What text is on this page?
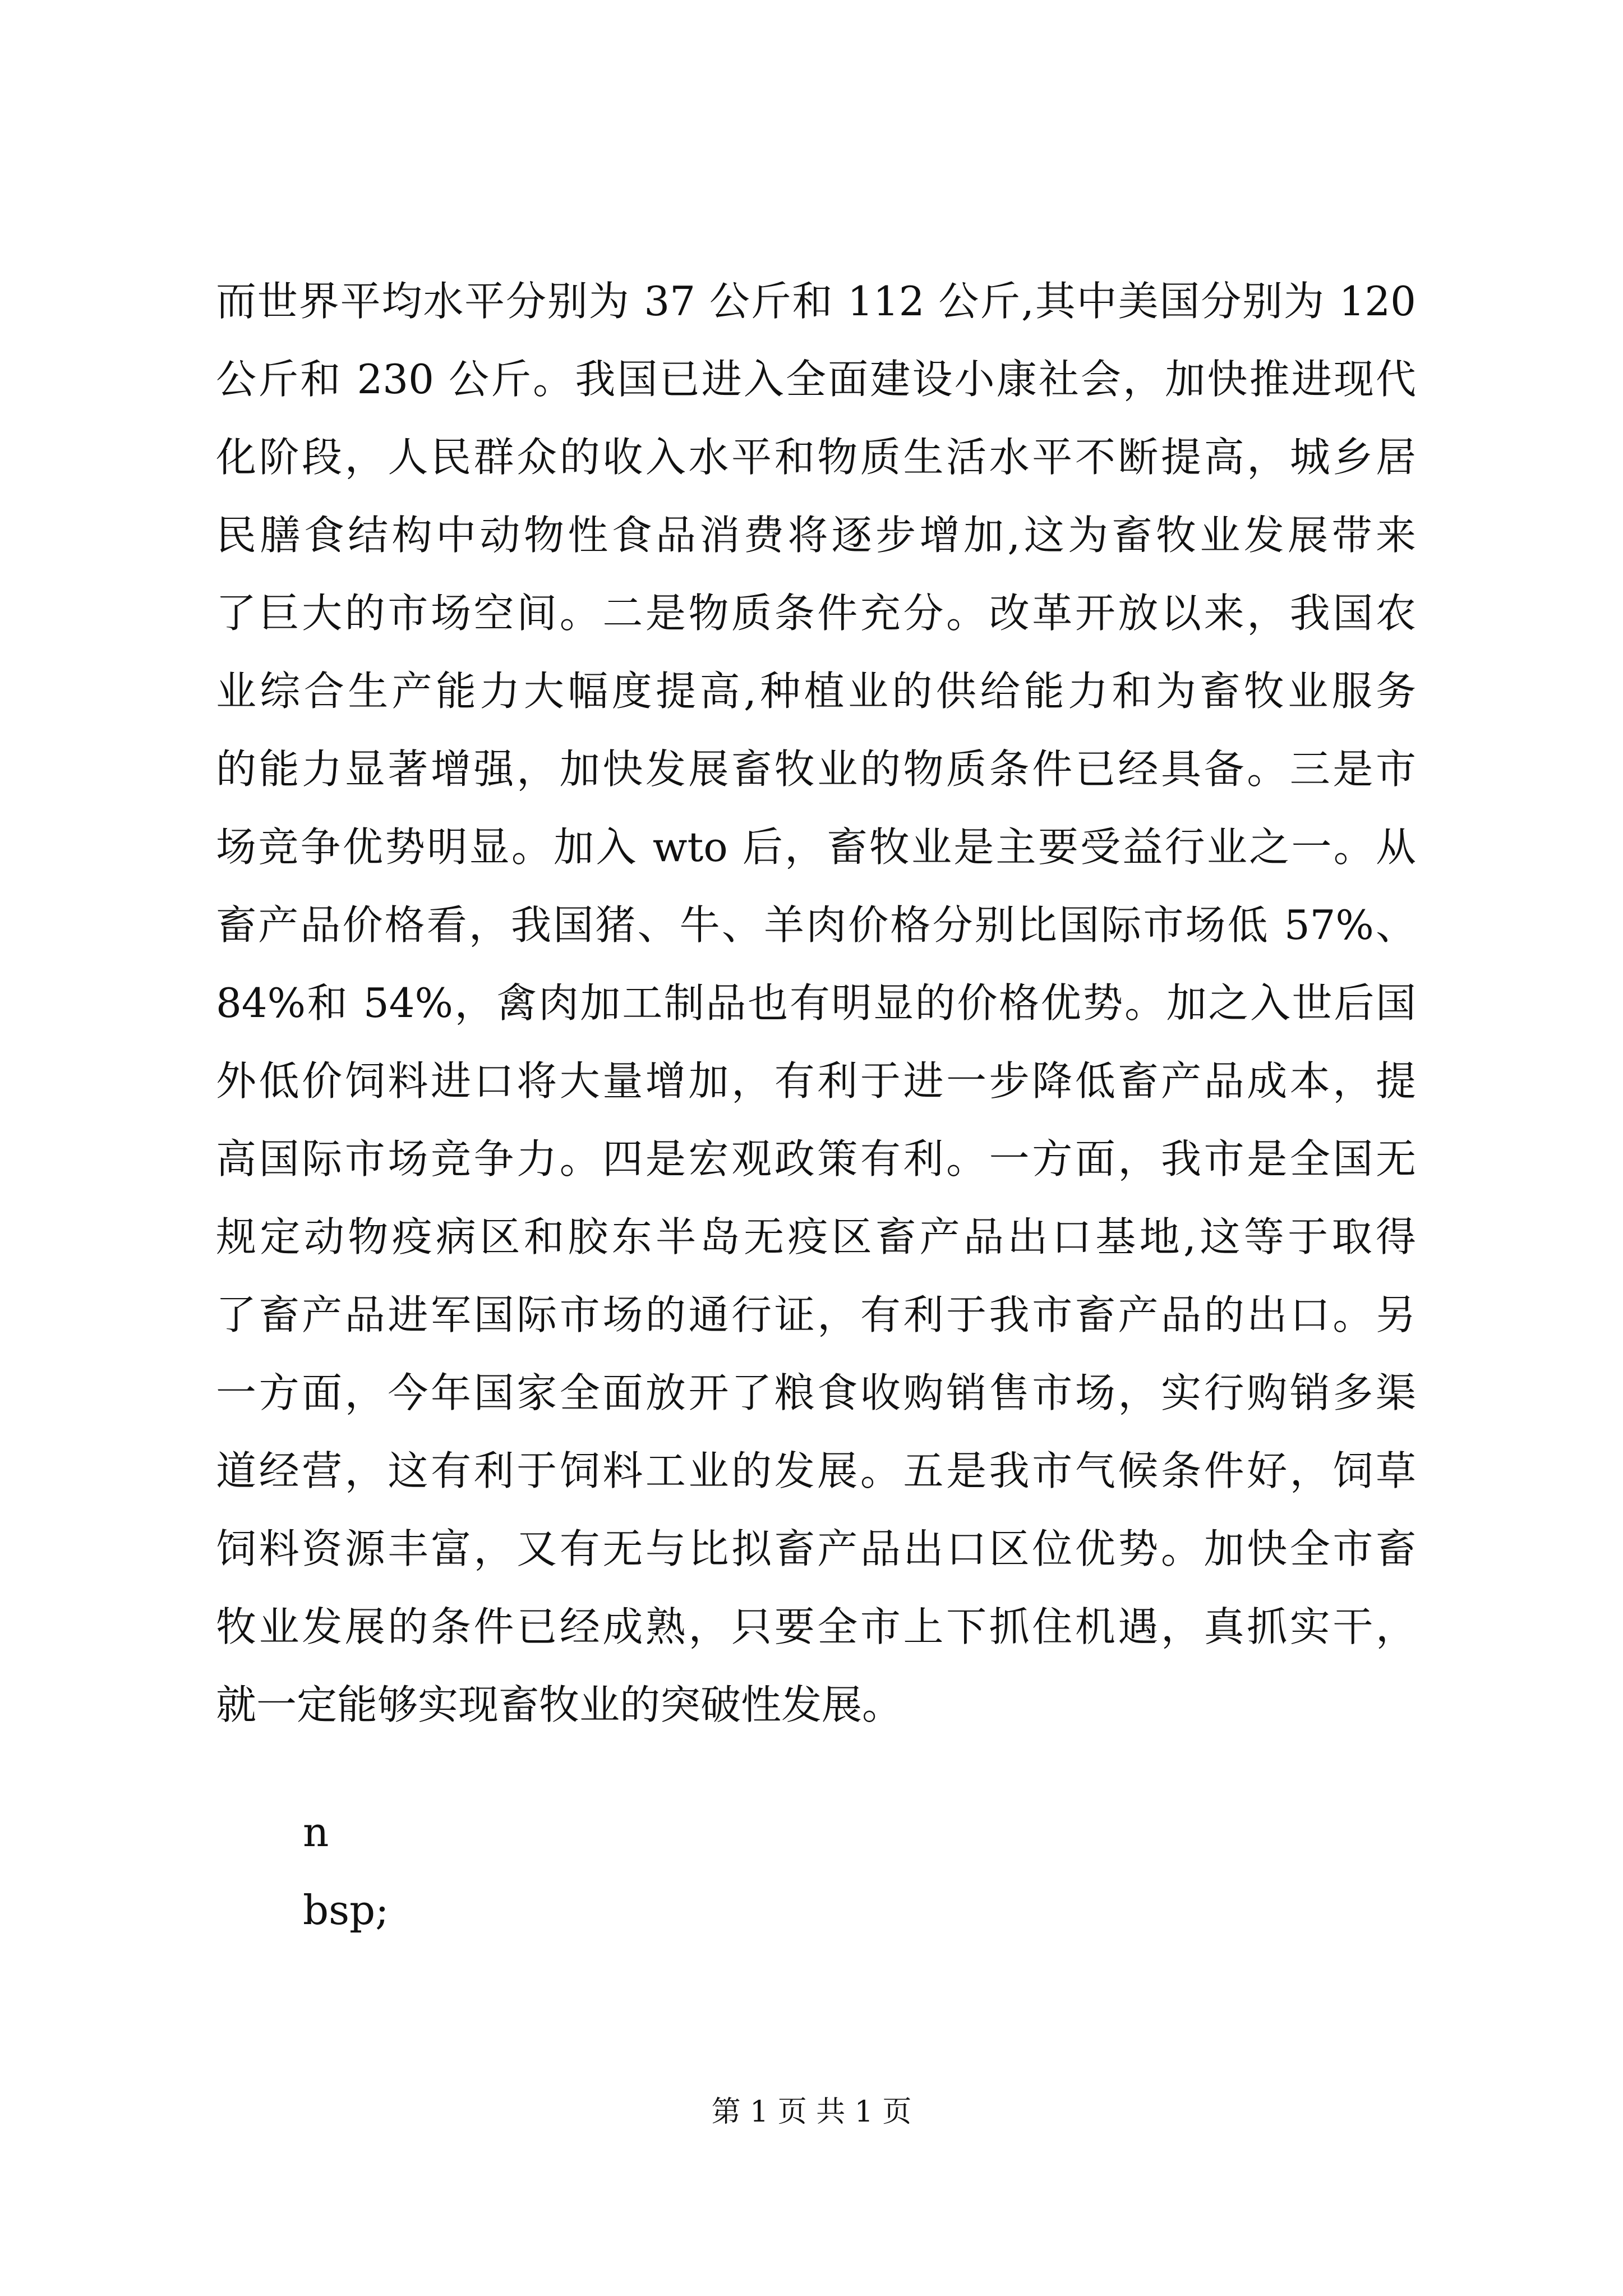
而世界平均水平分别为 37 公斤和 112 公斤,其中美国分别为 120
公斤和 230 公斤。我国已进入全面建设小康社会，加快推进现代
化阶段，人民群众的收入水平和物质生活水平不断提高，城乡居
民膳食结构中动物性食品消费将逐步增加,这为畜牧业发展带来
了巨大的市场空间。二是物质条件充分。改革开放以来，我国农
业综合生产能力大幅度提高,种植业的供给能力和为畜牧业服务
的能力显著增强，加快发展畜牧业的物质条件已经具备。三是市
场竞争优势明显。加入 wto 后，畜牧业是主要受益行业之一。从
畜产品价格看，我国猪、牛、羊肉价格分别比国际市场低 57%、
84%和 54%，禽肉加工制品也有明显的价格优势。加之入世后国
外低价饲料进口将大量增加，有利于进一步降低畜产品成本，提
高国际市场竞争力。四是宏观政策有利。一方面，我市是全国无
规定动物疫病区和胶东半岛无疫区畜产品出口基地,这等于取得
了畜产品进军国际市场的通行证，有利于我市畜产品的出口。另
一方面，今年国家全面放开了粮食收购销售市场，实行购销多渠
道经营，这有利于饲料工业的发展。五是我市气候条件好，饲草
饲料资源丰富，又有无与比拟畜产品出口区位优势。加快全市畜
牧业发展的条件已经成熟，只要全市上下抓住机遇，真抓实干，
就一定能够实现畜牧业的突破性发展。

n

bsp;

第 1 页 共 1 页
